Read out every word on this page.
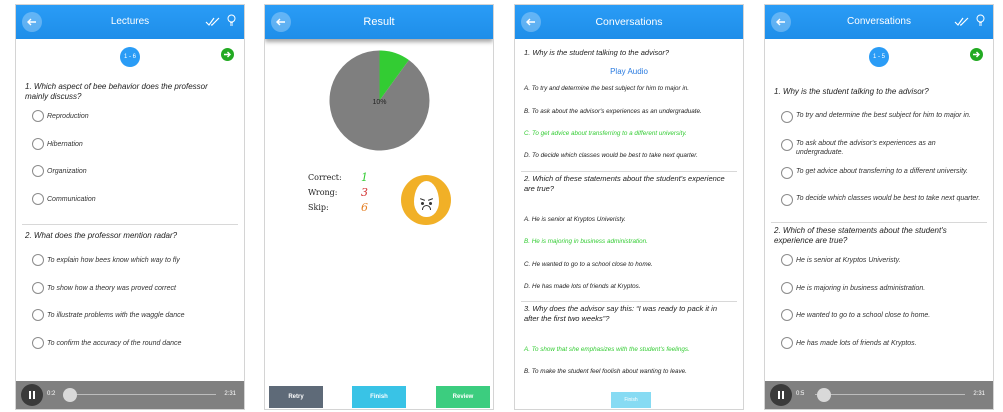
Lectures

1 - 6
1. Which aspect of bee behavior does the professor mainly discuss?
Reproduction
Hibernation
Organization
Communication
2. What does the professor mention radar?
To explain how bees know which way to fly
To show how a theory was proved correct
To illustrate problems with the waggle dance
To confirm the accuracy of the round dance
0:2	2:31
Result
10%
Correct: 1
Wrong: 3
Skip:	6
Retry	Finish	Review
Conversations
1. Why is the student talking to the advisor?
Play Audio
A. To try and determine the best subject for him to major in.
B. To ask about the advisor's experiences as an undergraduate.
C. To get advice about transferring to a different university.
D. To decide which classes would be best to take next quarter.
2. Which of these statements about the student's experience are true?
A. He is senior at Kryptos Univeristy.
B. He is majoring in business administration.
C. He wanted to go to a school close to home.
D. He has made lots of friends at Kryptos.
3. Why does the advisor say this: “I was ready to pack it in after the first two weeks”?
A. To show that she emphasizes with the student's feelings.
B. To make the student feel foolish about wanting to leave.
Finish
Conversations

1 - 5
1. Why is the student talking to the advisor?
To try and determine the best subject for him to major in.
To ask about the advisor's experiences as an undergraduate.
To get advice about transferring to a different university.
To decide which classes would be best to take next quarter.
2. Which of these statements about the student's experience are true?
He is senior at Kryptos Univeristy.
He is majoring in business administration.
He wanted to go to a school close to home.
He has made lots of friends at Kryptos.
0:5	2:31
